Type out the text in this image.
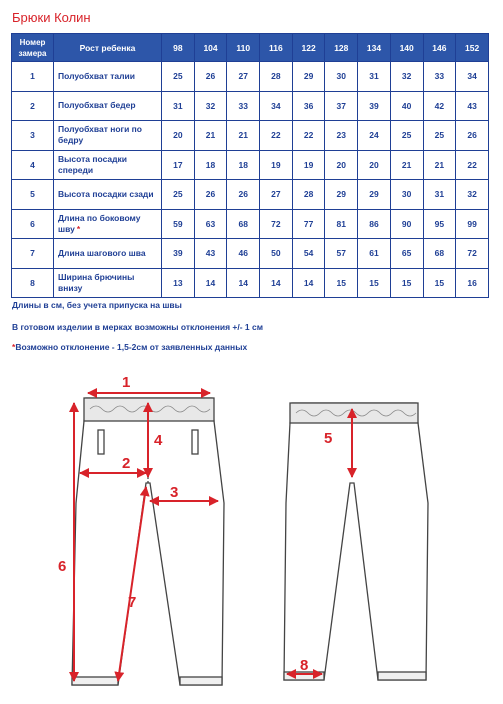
Брюки Колин
Номер замера	Рост ребенка	98	104	110	116	122	128	134	140	146	152
1	Полуобхват талии	25	26	27	28	29	30	31	32	33	34
2	Полуобхват бедер	31	32	33	34	36	37	39	40	42	43
3	Полуобхват ноги по бедру	20	21	21	22	22	23	24	25	25	26
4	Высота посадки спереди	17	18	18	19	19	20	20	21	21	22
5	Высота посадки сзади	25	26	26	27	28	29	29	30	31	32
6	Длина по боковому шву *	59	63	68	72	77	81	86	90	95	99
7	Длина шагового шва	39	43	46	50	54	57	61	65	68	72
8	Ширина брючины внизу	13	14	14	14	14	15	15	15	15	16
Длины в см, без учета припуска на швы
В готовом изделии в мерках возможны отклонения +/- 1 см
*Возможно отклонение - 1,5-2см от заявленных данных
1
2
3
4	5
6
7
8
